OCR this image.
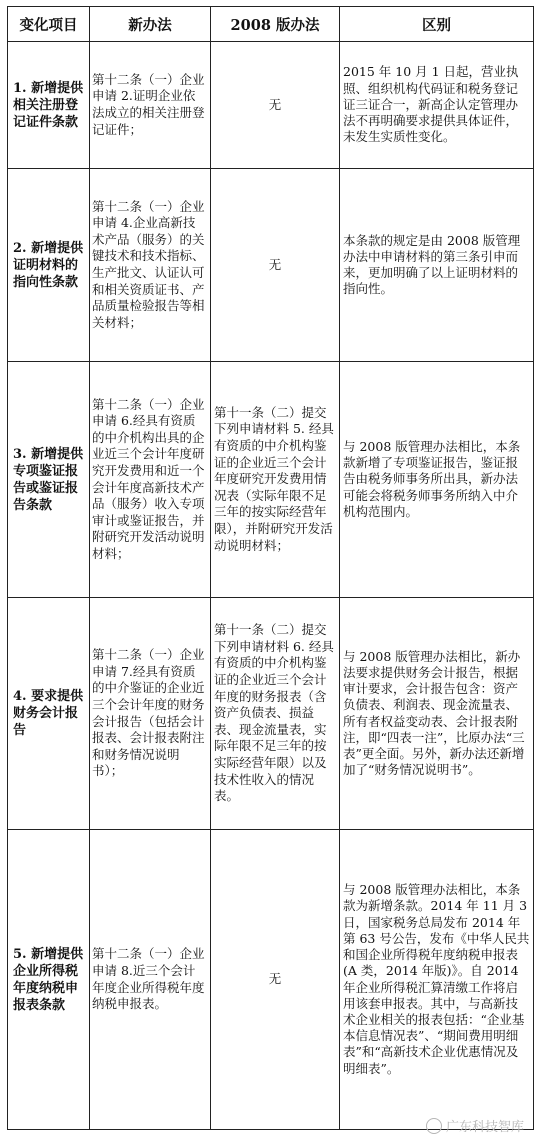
变化项目	新办法	2008 版办法	区别
1. 新增提供相关注册登记证件条款	第十二条（一）企业申请 2.证明企业依法成立的相关注册登记证件；	无	2015 年 10 月 1 日起，营业执照、组织机构代码证和税务登记证三证合一，新高企认定管理办法不再明确要求提供具体证件，未发生实质性变化。
2. 新增提供证明材料的指向性条款	第十二条（一）企业申请 4.企业高新技术产品（服务）的关键技术和技术指标、生产批文、认证认可和相关资质证书、产品质量检验报告等相关材料；	无	本条款的规定是由 2008 版管理办法中申请材料的第三条引申而来，更加明确了以上证明材料的指向性。
3. 新增提供专项鉴证报告或鉴证报告条款	第十二条（一）企业申请 6.经具有资质的中介机构出具的企业近三个会计年度研究开发费用和近一个会计年度高新技术产品（服务）收入专项审计或鉴证报告，并附研究开发活动说明材料；	第十一条（二）提交下列申请材料 5. 经具有资质的中介机构鉴证的企业近三个会计年度研究开发费用情况表（实际年限不足三年的按实际经营年限），并附研究开发活动说明材料；	与 2008 版管理办法相比，本条款新增了专项鉴证报告，鉴证报告由税务师事务所出具，新办法可能会将税务师事务所纳入中介机构范围内。
4. 要求提供财务会计报告	第十二条（一）企业申请 7.经具有资质的中介鉴证的企业近三个会计年度的财务会计报告（包括会计报表、会计报表附注和财务情况说明书）；	第十一条（二）提交下列申请材料 6. 经具有资质的中介机构鉴证的企业近三个会计年度的财务报表（含资产负债表、损益表、现金流量表，实际年限不足三年的按实际经营年限）以及技术性收入的情况表。	与 2008 版管理办法相比，新办法要求提供财务会计报告，根据审计要求，会计报告包含：资产负债表、利润表、现金流量表、所有者权益变动表、会计报表附注，即“四表一注”，比原办法“三表”更全面。另外，新办法还新增加了“财务情况说明书”。
5. 新增提供企业所得税年度纳税申报表条款	第十二条（一）企业申请 8.近三个会计年度企业所得税年度纳税申报表。	无	与 2008 版管理办法相比，本条款为新增条款。2014 年 11 月 3 日，国家税务总局发布 2014 年第 63 号公告，发布《中华人民共和国企业所得税年度纳税申报表(A 类，2014 年版)》。自 2014 年企业所得税汇算清缴工作将启用该套申报表。其中，与高新技术企业相关的报表包括：“企业基本信息情况表”、“期间费用明细表”和“高新技术企业优惠情况及明细表”。
广东科技智库
